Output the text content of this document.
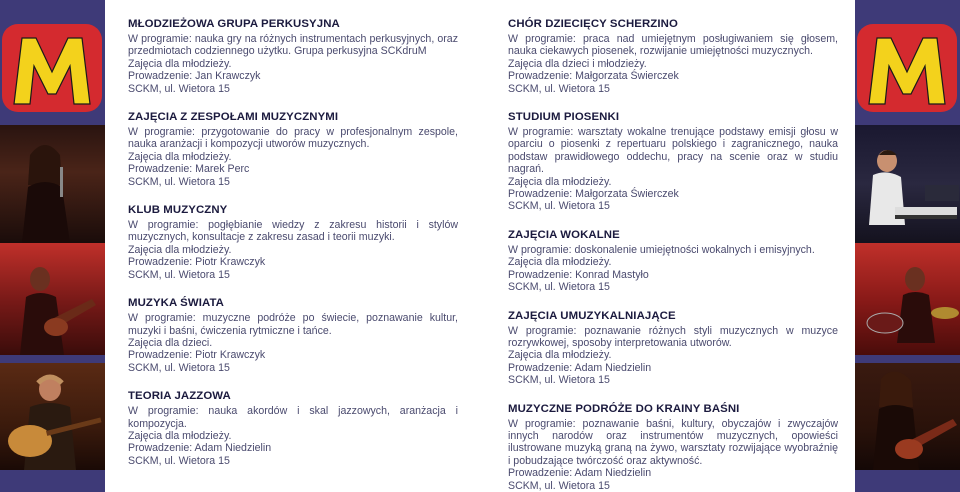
MŁODZIEŻOWA GRUPA PERKUSYJNA
W programie: nauka gry na różnych instrumentach perkusyjnych, oraz przedmiotach codziennego użytku. Grupa perkusyjna SCKdruM
Zajęcia dla młodzieży.
Prowadzenie: Jan Krawczyk
SCKM, ul. Wietora 15
ZAJĘCIA Z ZESPOŁAMI MUZYCZNYMI
W programie: przygotowanie do pracy w profesjonalnym zespole, nauka aranżacji i kompozycji utworów muzycznych.
Zajęcia dla młodzieży.
Prowadzenie: Marek Perc
SCKM, ul. Wietora 15
KLUB MUZYCZNY
W programie: pogłębianie wiedzy z zakresu historii i stylów muzycznych, konsultacje z zakresu zasad i teorii muzyki.
Zajęcia dla młodzieży.
Prowadzenie: Piotr Krawczyk
SCKM, ul. Wietora 15
MUZYKA ŚWIATA
W programie: muzyczne podróże po świecie, poznawanie kultur, muzyki i baśni, ćwiczenia rytmiczne i tańce.
Zajęcia dla dzieci.
Prowadzenie: Piotr Krawczyk
SCKM, ul. Wietora 15
TEORIA JAZZOWA
W programie: nauka akordów i skal jazzowych, aranżacja i kompozycja.
Zajęcia dla młodzieży.
Prowadzenie: Adam Niedzielin
SCKM, ul. Wietora 15
CHÓR DZIECIĘCY SCHERZINO
W programie: praca nad umiejętnym posługiwaniem się głosem, nauka ciekawych piosenek, rozwijanie umiejętności muzycznych.
Zajęcia dla dzieci i młodzieży.
Prowadzenie: Małgorzata Świerczek
SCKM, ul. Wietora 15
STUDIUM PIOSENKI
W programie: warsztaty wokalne trenujące podstawy emisji głosu w oparciu o piosenki z repertuaru polskiego i zagranicznego, nauka podstaw prawidłowego oddechu, pracy na scenie oraz w studiu nagrań.
Zajęcia dla młodzieży.
Prowadzenie: Małgorzata Świerczek
SCKM, ul. Wietora 15
ZAJĘCIA WOKALNE
W programie: doskonalenie umiejętności wokalnych i emisyjnych.
Zajęcia dla młodzieży.
Prowadzenie: Konrad Mastyło
SCKM, ul. Wietora 15
ZAJĘCIA UMUZYKALNIAJĄCE
W programie: poznawanie różnych styli muzycznych w muzyce rozrywkowej, sposoby interpretowania utworów.
Zajęcia dla młodzieży.
Prowadzenie: Adam Niedzielin
SCKM, ul. Wietora 15
MUZYCZNE PODRÓŻE DO KRAINY BAŚNI
W programie: poznawanie baśni, kultury, obyczajów i zwyczajów innych narodów oraz instrumentów muzycznych, opowieści ilustrowane muzyką graną na żywo, warsztaty rozwijające wyobraźnię i pobudzające twórczość oraz aktywność.
Prowadzenie: Adam Niedzielin
SCKM, ul. Wietora 15
